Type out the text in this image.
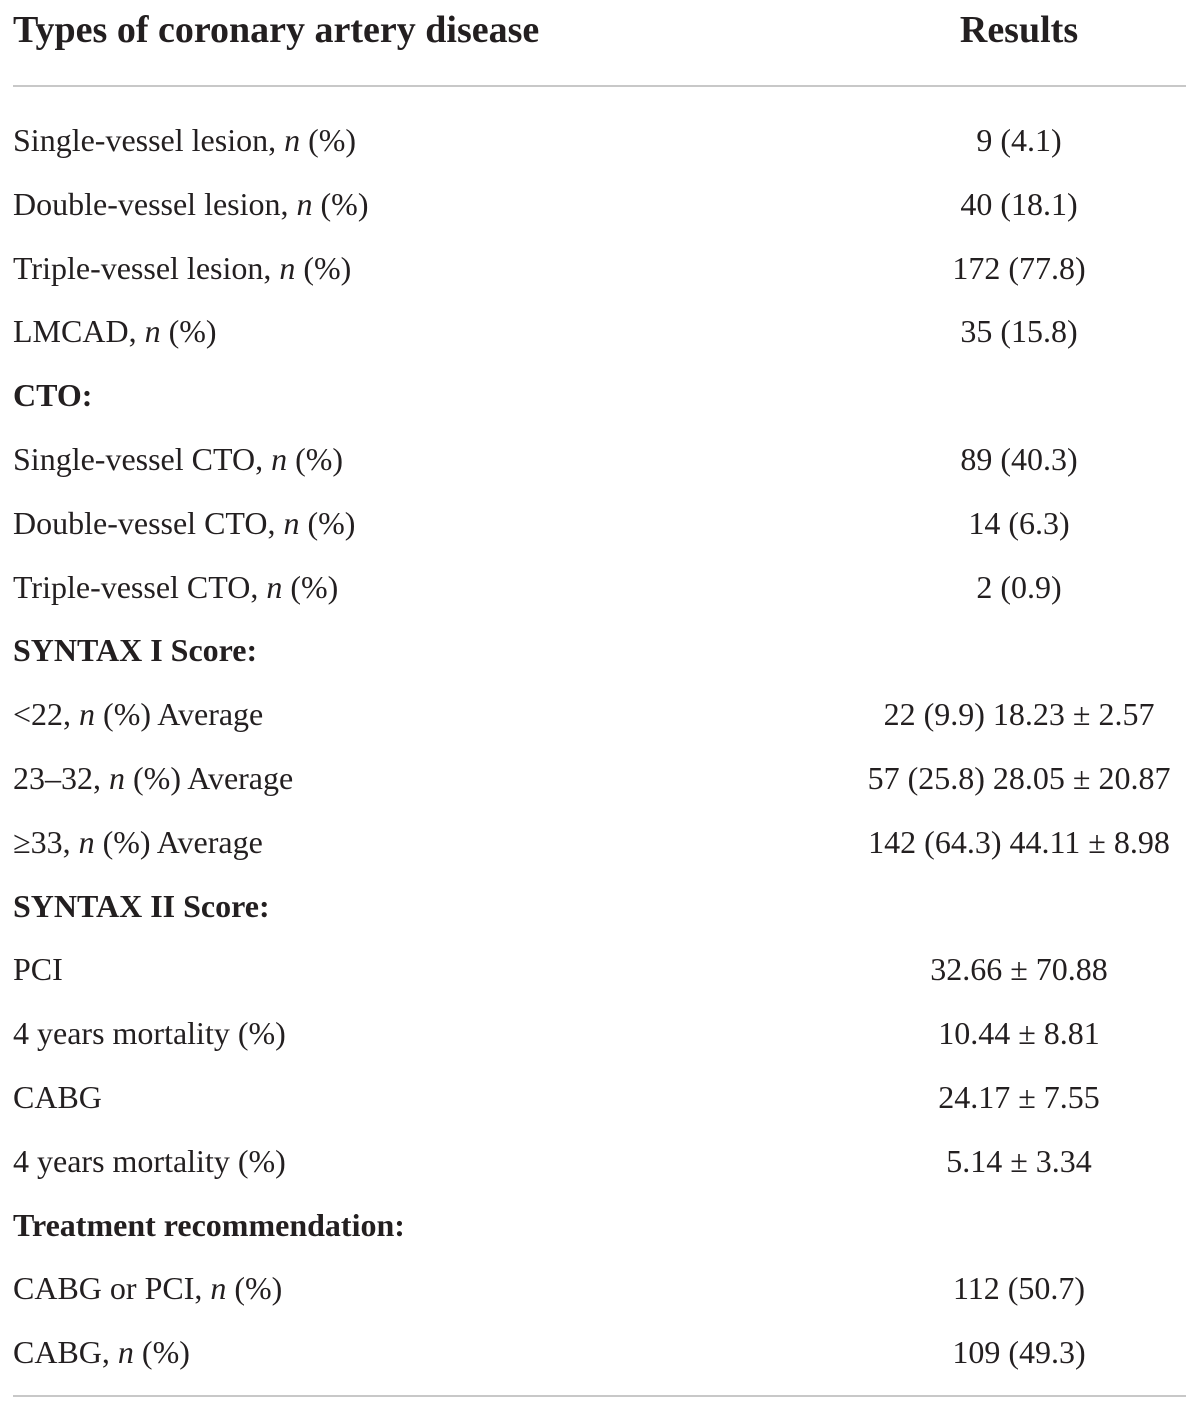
Types of coronary artery disease	Results
Single-vessel lesion, n (%)	9 (4.1)
Double-vessel lesion, n (%)	40 (18.1)
Triple-vessel lesion, n (%)	172 (77.8)
LMCAD, n (%)	35 (15.8)
CTO:
Single-vessel CTO, n (%)	89 (40.3)
Double-vessel CTO, n (%)	14 (6.3)
Triple-vessel CTO, n (%)	2 (0.9)
SYNTAX I Score:
<22, n (%) Average	22 (9.9) 18.23 ± 2.57
23–32, n (%) Average	57 (25.8) 28.05 ± 20.87
≥33, n (%) Average	142 (64.3) 44.11 ± 8.98
SYNTAX II Score:
PCI	32.66 ± 70.88
4 years mortality (%)	10.44 ± 8.81
CABG	24.17 ± 7.55
4 years mortality (%)	5.14 ± 3.34
Treatment recommendation:
CABG or PCI, n (%)	112 (50.7)
CABG, n (%)	109 (49.3)
